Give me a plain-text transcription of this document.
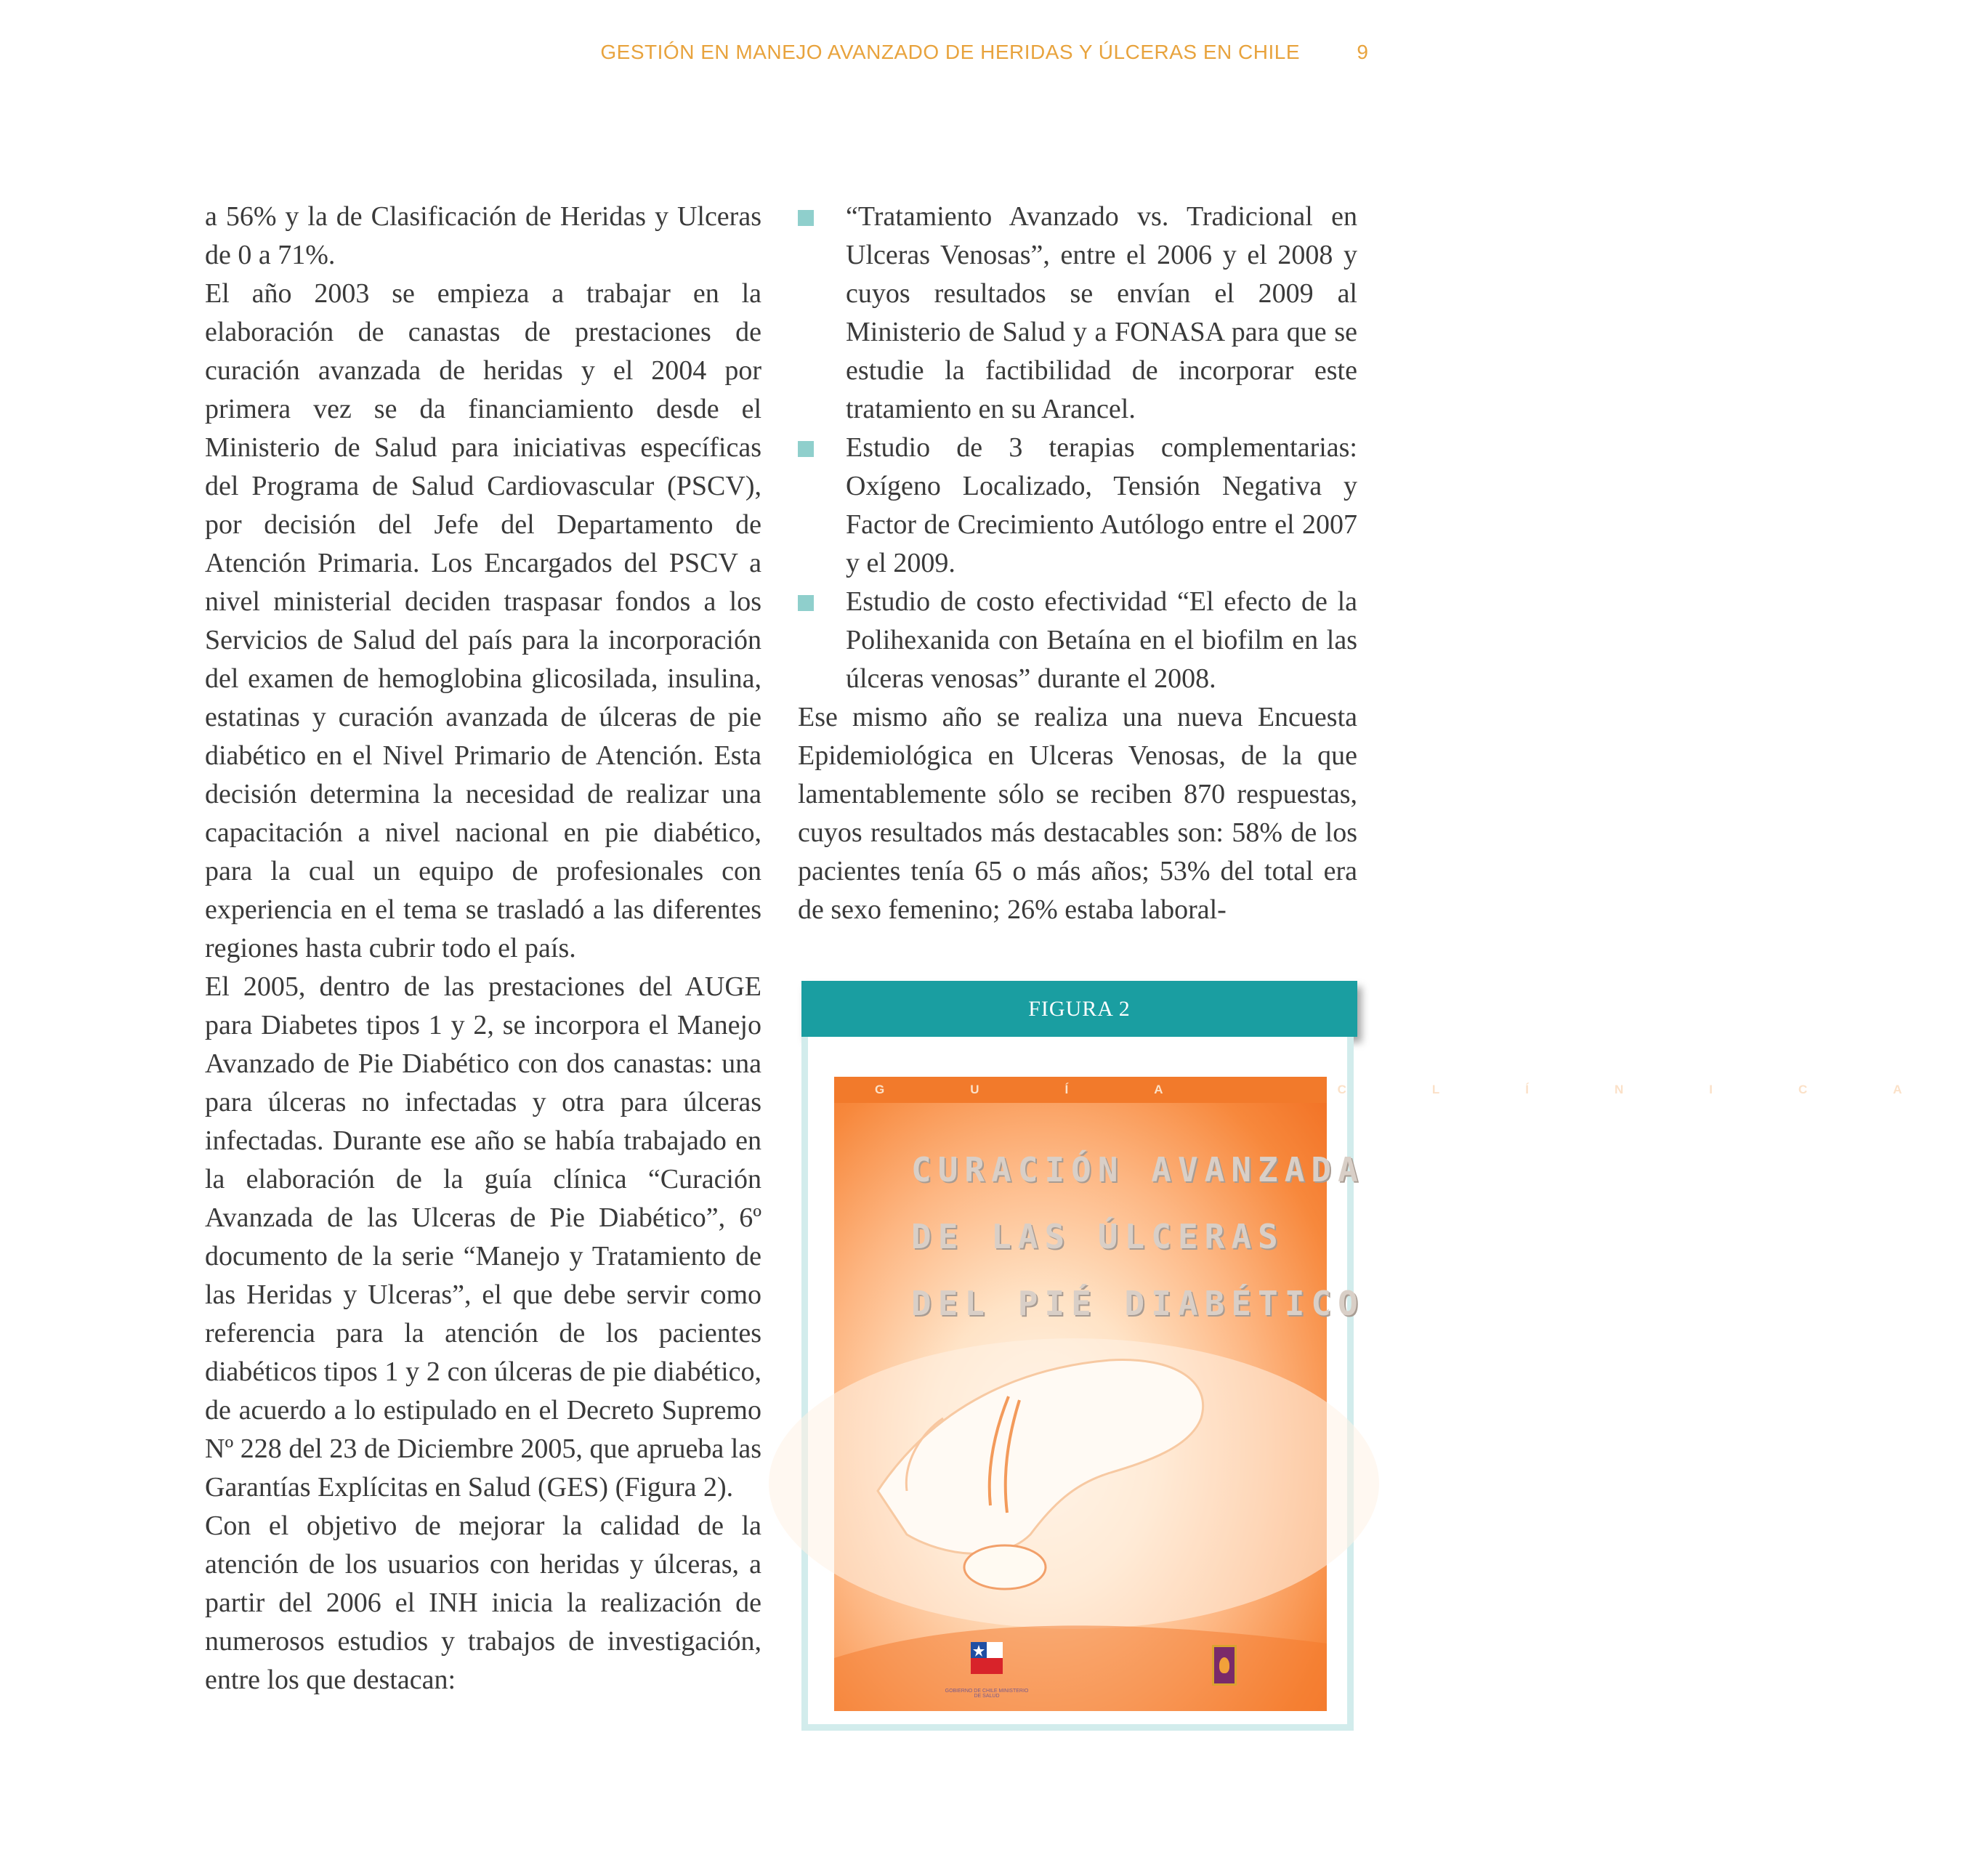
GESTIÓN EN MANEJO AVANZADO DE HERIDAS Y ÚLCERAS EN CHILE	9

a 56% y la de Clasificación de Heridas y Ulceras de 0 a 71%.

El año 2003 se empieza a trabajar en la elaboración de canastas de prestaciones de curación avanzada de heridas y el 2004 por primera vez se da financiamiento desde el Ministerio de Salud para iniciativas específicas del Programa de Salud Cardiovascular (PSCV), por decisión del Jefe del Departamento de Atención Primaria. Los Encargados del PSCV a nivel ministerial deciden traspasar fondos a los Servicios de Salud del país para la incorporación del examen de hemoglobina glicosilada, insulina, estatinas y curación avanzada de úlceras de pie diabético en el Nivel Primario de Atención. Esta decisión determina la necesidad de realizar una capacitación a nivel nacional en pie diabético, para la cual un equipo de profesionales con experiencia en el tema se trasladó a las diferentes regiones hasta cubrir todo el país.

El 2005, dentro de las prestaciones del AUGE para Diabetes tipos 1 y 2, se incorpora el Manejo Avanzado de Pie Diabético con dos canastas: una para úlceras no infectadas y otra para úlceras infectadas. Durante ese año se había trabajado en la elaboración de la guía clínica “Curación Avanzada de las Ulceras de Pie Diabético”, 6º documento de la serie “Manejo y Tratamiento de las Heridas y Ulceras”, el que debe servir como referencia para la atención de los pacientes diabéticos tipos 1 y 2 con úlceras de pie diabético, de acuerdo a lo estipulado en el Decreto Supremo Nº 228 del 23 de Diciembre 2005, que aprueba las Garantías Explícitas en Salud (GES) (Figura 2).

Con el objetivo de mejorar la calidad de la atención de los usuarios con heridas y úlceras, a partir del 2006 el INH inicia la realización de numerosos estudios y trabajos de investigación, entre los que destacan:

“Tratamiento Avanzado vs. Tradicional en Ulceras Venosas”, entre el 2006 y el 2008 y cuyos resultados se envían el 2009 al Ministerio de Salud y a FONASA para que se estudie la factibilidad de incorporar este tratamiento en su Arancel.
Estudio de 3 terapias complementarias: Oxígeno Localizado, Tensión Negativa y Factor de Crecimiento Autólogo entre el 2007 y el 2009.
Estudio de costo efectividad “El efecto de la Polihexanida con Betaína en el biofilm en las úlceras venosas” durante el 2008.

Ese mismo año se realiza una nueva Encuesta Epidemiológica en Ulceras Venosas, de la que lamentablemente sólo se reciben 870 respuestas, cuyos resultados más destacables son: 58% de los pacientes tenía 65 o más años; 53% del total era de sexo femenino; 26% estaba laboral-

FIGURA 2
GUÍA CLÍNICA
CURACIÓN AVANZADA
DE LAS ÚLCERAS
DEL PIÉ DIABÉTICO
GOBIERNO DE CHILE MINISTERIO DE SALUD
